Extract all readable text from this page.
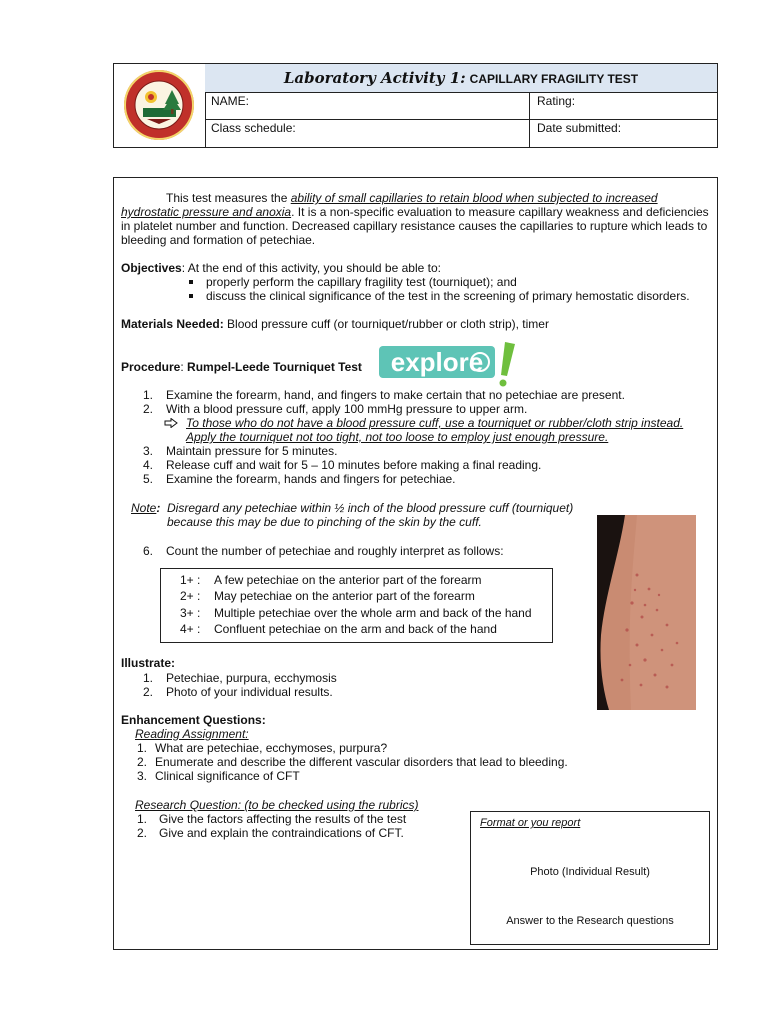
Laboratory Activity 1: CAPILLARY FRAGILITY TEST
NAME:	Rating:
Class schedule:	Date submitted:
This test measures the ability of small capillaries to retain blood when subjected to increased
hydrostatic pressure and anoxia. It is a non-specific evaluation to measure capillary weakness and deficiencies
in platelet number and function. Decreased capillary resistance causes the capillaries to rupture which leads to
bleeding and formation of petechiae.
Objectives: At the end of this activity, you should be able to:
properly perform the capillary fragility test (tourniquet); and
discuss the clinical significance of the test in the screening of primary hemostatic disorders.
Materials Needed: Blood pressure cuff (or tourniquet/rubber or cloth strip), timer
Procedure: Rumpel-Leede Tourniquet Test explore
1. Examine the forearm, hand, and fingers to make certain that no petechiae are present.
2. With a blood pressure cuff, apply 100 mmHg pressure to upper arm.
To those who do not have a blood pressure cuff, use a tourniquet or rubber/cloth strip instead.
Apply the tourniquet not too tight, not too loose to employ just enough pressure.
3. Maintain pressure for 5 minutes.
4. Release cuff and wait for 5 – 10 minutes before making a final reading.
5. Examine the forearm, hands and fingers for petechiae.
Note: Disregard any petechiae within ½ inch of the blood pressure cuff (tourniquet)
because this may be due to pinching of the skin by the cuff.
6. Count the number of petechiae and roughly interpret as follows:
1+ : A few petechiae on the anterior part of the forearm
2+ : May petechiae on the anterior part of the forearm
3+ : Multiple petechiae over the whole arm and back of the hand
4+ : Confluent petechiae on the arm and back of the hand
Illustrate:
1. Petechiae, purpura, ecchymosis
2. Photo of your individual results.
Enhancement Questions:
Reading Assignment:
1. What are petechiae, ecchymoses, purpura?
2. Enumerate and describe the different vascular disorders that lead to bleeding.
3. Clinical significance of CFT
Research Question: (to be checked using the rubrics)
1. Give the factors affecting the results of the test
2. Give and explain the contraindications of CFT.
Format or you report
Photo (Individual Result)
Answer to the Research questions
